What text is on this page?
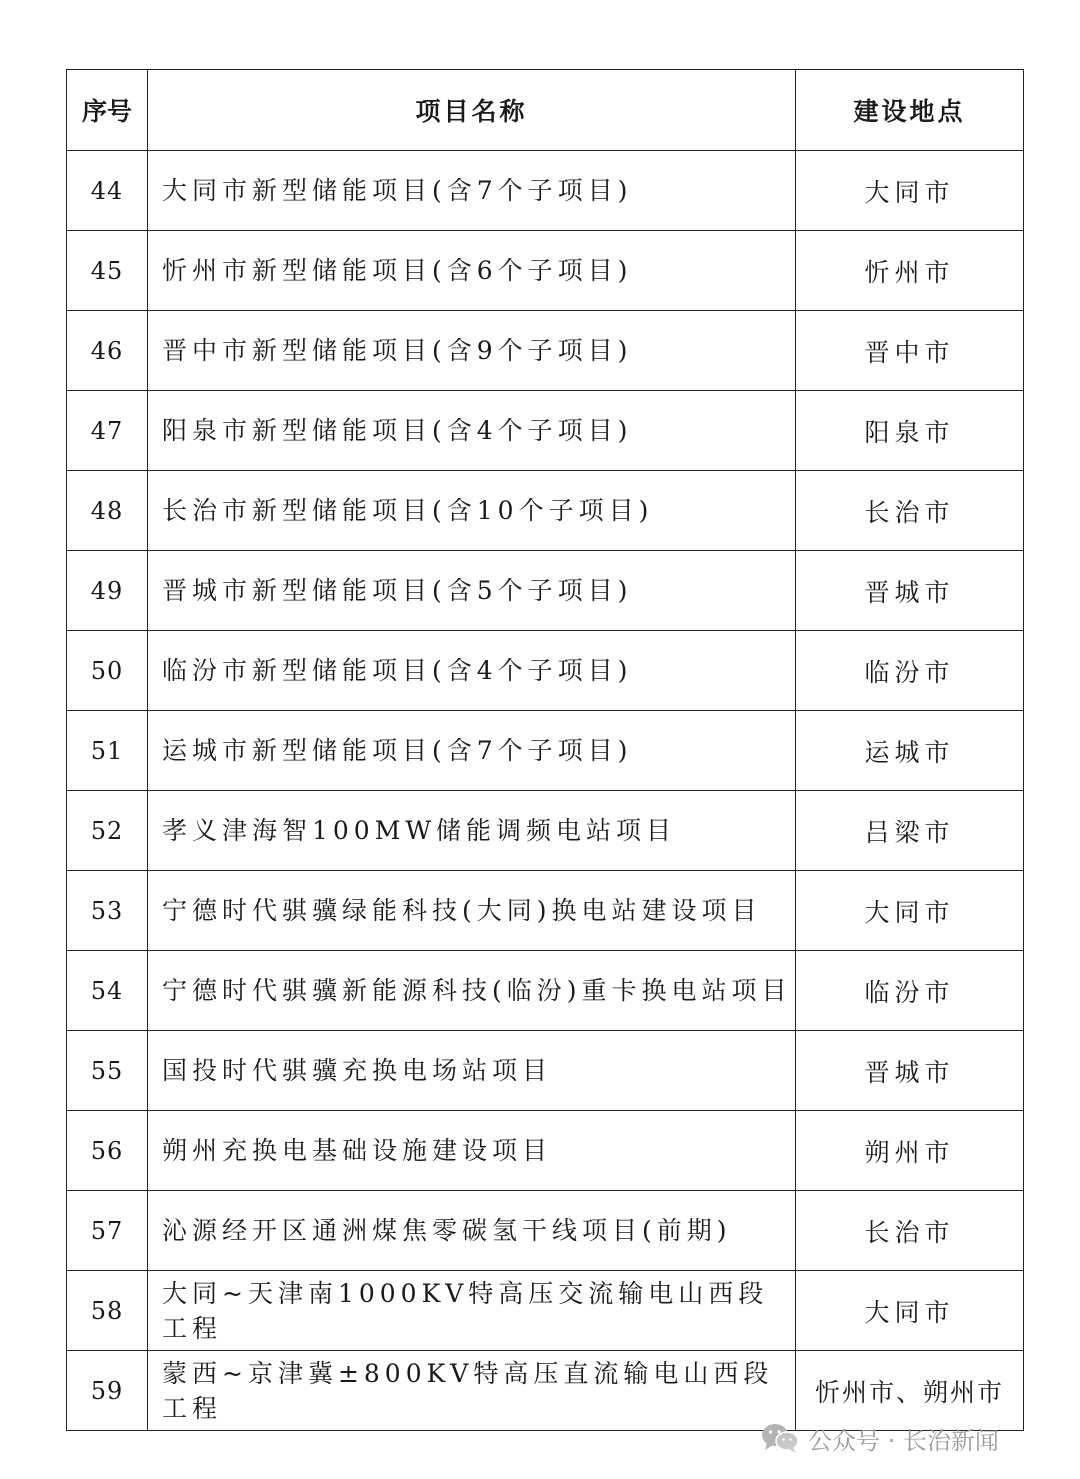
序号	项目名称	建设地点
44	大同市新型储能项目(含7个子项目)	大同市
45	忻州市新型储能项目(含6个子项目)	忻州市
46	晋中市新型储能项目(含9个子项目)	晋中市
47	阳泉市新型储能项目(含4个子项目)	阳泉市
48	长治市新型储能项目(含10个子项目)	长治市
49	晋城市新型储能项目(含5个子项目)	晋城市
50	临汾市新型储能项目(含4个子项目)	临汾市
51	运城市新型储能项目(含7个子项目)	运城市
52	孝义津海智100MW储能调频电站项目	吕梁市
53	宁德时代骐骥绿能科技(大同)换电站建设项目	大同市
54	宁德时代骐骥新能源科技(临汾)重卡换电站项目	临汾市
55	国投时代骐骥充换电场站项目	晋城市
56	朔州充换电基础设施建设项目	朔州市
57	沁源经开区通洲煤焦零碳氢干线项目(前期)	长治市
58	大同~天津南1000KV特高压交流输电山西段工程	大同市
59	蒙西~京津冀±800KV特高压直流输电山西段工程	忻州市、朔州市
公众号 · 长治新闻
